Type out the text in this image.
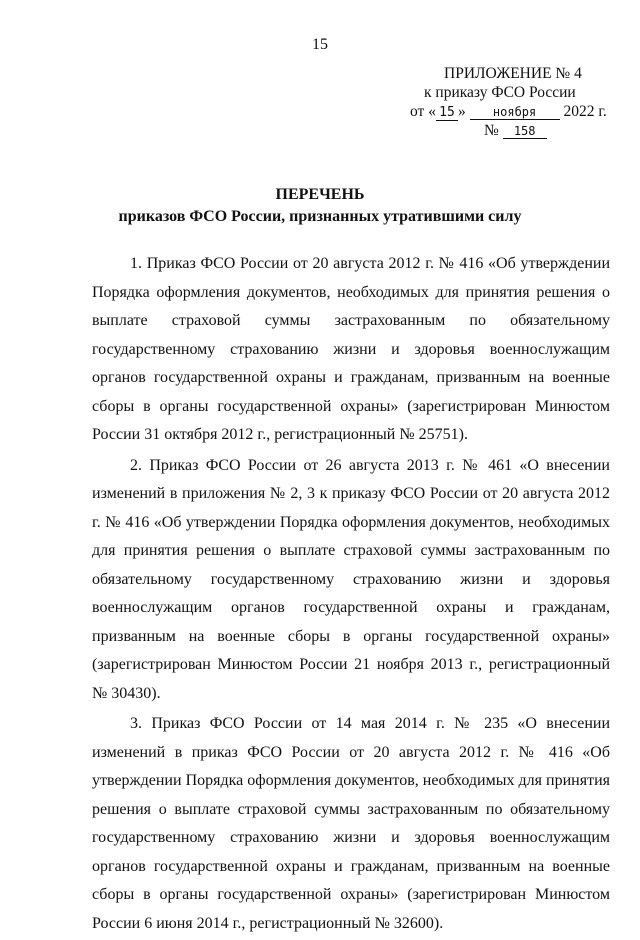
15
ПРИЛОЖЕНИЕ № 4
к приказу ФСО России
от « 15 » ноября 2022 г.
№ 158
ПЕРЕЧЕНЬ
приказов ФСО России, признанных утратившими силу

1. Приказ ФСО России от 20 августа 2012 г. № 416 «Об утверждении Порядка оформления документов, необходимых для принятия решения о выплате страховой суммы застрахованным по обязательному государственному страхованию жизни и здоровья военнослужащим органов государственной охраны и гражданам, призванным на военные сборы в органы государственной охраны» (зарегистрирован Минюстом России 31 октября 2012 г., регистрационный № 25751).

2. Приказ ФСО России от 26 августа 2013 г. № 461 «О внесении изменений в приложения № 2, 3 к приказу ФСО России от 20 августа 2012 г. № 416 «Об утверждении Порядка оформления документов, необходимых для принятия решения о выплате страховой суммы застрахованным по обязательному государственному страхованию жизни и здоровья военнослужащим органов государственной охраны и гражданам, призванным на военные сборы в органы государственной охраны» (зарегистрирован Минюстом России 21 ноября 2013 г., регистрационный № 30430).

3. Приказ ФСО России от 14 мая 2014 г. № 235 «О внесении изменений в приказ ФСО России от 20 августа 2012 г. № 416 «Об утверждении Порядка оформления документов, необходимых для принятия решения о выплате страховой суммы застрахованным по обязательному государственному страхованию жизни и здоровья военнослужащим органов государственной охраны и гражданам, призванным на военные сборы в органы государственной охраны» (зарегистрирован Минюстом России 6 июня 2014 г., регистрационный № 32600).
